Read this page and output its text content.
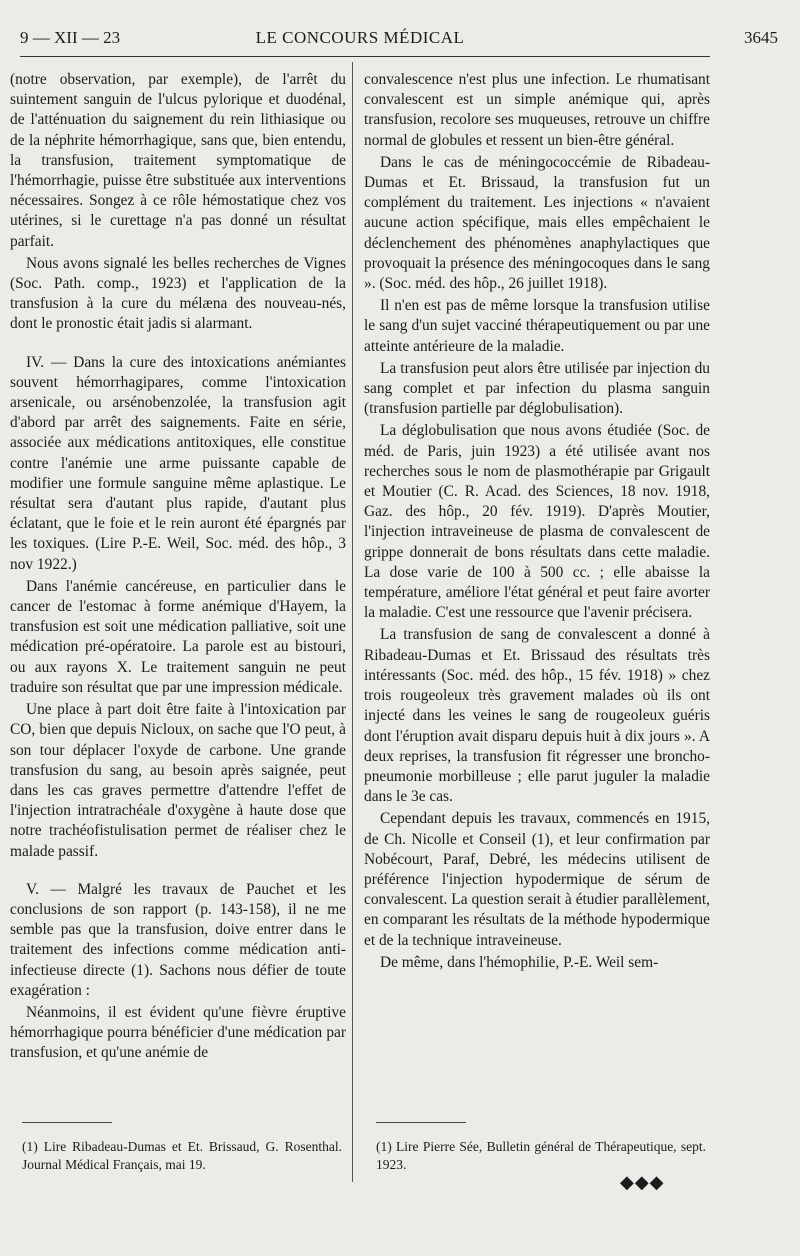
9 — XII — 23	LE CONCOURS MÉDICAL	3645

(notre observation, par exemple), de l'arrêt du suintement sanguin de l'ulcus pylorique et duodénal, de l'atténuation du saignement du rein lithiasique ou de la néphrite hémorrhagique, sans que, bien entendu, la transfusion, traitement symptomatique de l'hémorrhagie, puisse être substituée aux interventions nécessaires. Songez à ce rôle hémostatique chez vos utérines, si le curettage n'a pas donné un résultat parfait.

Nous avons signalé les belles recherches de Vignes (Soc. Path. comp., 1923) et l'application de la transfusion à la cure du mélæna des nouveau-nés, dont le pronostic était jadis si alarmant.

IV. — Dans la cure des intoxications anémiantes souvent hémorrhagipares, comme l'intoxication arsenicale, ou arsénobenzolée, la transfusion agit d'abord par arrêt des saignements. Faite en série, associée aux médications antitoxiques, elle constitue contre l'anémie une arme puissante capable de modifier une formule sanguine même aplastique. Le résultat sera d'autant plus rapide, d'autant plus éclatant, que le foie et le rein auront été épargnés par les toxiques. (Lire P.-E. Weil, Soc. méd. des hôp., 3 nov 1922.)

Dans l'anémie cancéreuse, en particulier dans le cancer de l'estomac à forme anémique d'Hayem, la transfusion est soit une médication palliative, soit une médication pré-opératoire. La parole est au bistouri, ou aux rayons X. Le traitement sanguin ne peut traduire son résultat que par une impression médicale.

Une place à part doit être faite à l'intoxication par CO, bien que depuis Nicloux, on sache que l'O peut, à son tour déplacer l'oxyde de carbone. Une grande transfusion du sang, au besoin après saignée, peut dans les cas graves permettre d'attendre l'effet de l'injection intratrachéale d'oxygène à haute dose que notre trachéofistulisation permet de réaliser chez le malade passif.

V. — Malgré les travaux de Pauchet et les conclusions de son rapport (p. 143-158), il ne me semble pas que la transfusion, doive entrer dans le traitement des infections comme médication anti-infectieuse directe (1). Sachons nous défier de toute exagération :

Néanmoins, il est évident qu'une fièvre éruptive hémorrhagique pourra bénéficier d'une médication par transfusion, et qu'une anémie de

convalescence n'est plus une infection. Le rhumatisant convalescent est un simple anémique qui, après transfusion, recolore ses muqueuses, retrouve un chiffre normal de globules et ressent un bien-être général.

Dans le cas de méningococcémie de Ribadeau-Dumas et Et. Brissaud, la transfusion fut un complément du traitement. Les injections « n'avaient aucune action spécifique, mais elles empêchaient le déclenchement des phénomènes anaphylactiques que provoquait la présence des méningocoques dans le sang ». (Soc. méd. des hôp., 26 juillet 1918).

Il n'en est pas de même lorsque la transfusion utilise le sang d'un sujet vacciné thérapeutiquement ou par une atteinte antérieure de la maladie.

La transfusion peut alors être utilisée par injection du sang complet et par infection du plasma sanguin (transfusion partielle par déglobulisation).

La déglobulisation que nous avons étudiée (Soc. de méd. de Paris, juin 1923) a été utilisée avant nos recherches sous le nom de plasmothérapie par Grigault et Moutier (C. R. Acad. des Sciences, 18 nov. 1918, Gaz. des hôp., 20 fév. 1919). D'après Moutier, l'injection intraveineuse de plasma de convalescent de grippe donnerait de bons résultats dans cette maladie. La dose varie de 100 à 500 cc. ; elle abaisse la température, améliore l'état général et peut faire avorter la maladie. C'est une ressource que l'avenir précisera.

La transfusion de sang de convalescent a donné à Ribadeau-Dumas et Et. Brissaud des résultats très intéressants (Soc. méd. des hôp., 15 fév. 1918) » chez trois rougeoleux très gravement malades où ils ont injecté dans les veines le sang de rougeoleux guéris dont l'éruption avait disparu depuis huit à dix jours ». A deux reprises, la transfusion fit régresser une broncho-pneumonie morbilleuse ; elle parut juguler la maladie dans le 3e cas.

Cependant depuis les travaux, commencés en 1915, de Ch. Nicolle et Conseil (1), et leur confirmation par Nobécourt, Paraf, Debré, les médecins utilisent de préférence l'injection hypodermique de sérum de convalescent. La question serait à étudier parallèlement, en comparant les résultats de la méthode hypodermique et de la technique intraveineuse.

De même, dans l'hémophilie, P.-E. Weil sem-

(1) Lire Ribadeau-Dumas et Et. Brissaud, G. Rosenthal. Journal Médical Français, mai 19.
(1) Lire Pierre Sée, Bulletin général de Thérapeutique, sept. 1923.
◆◆◆
